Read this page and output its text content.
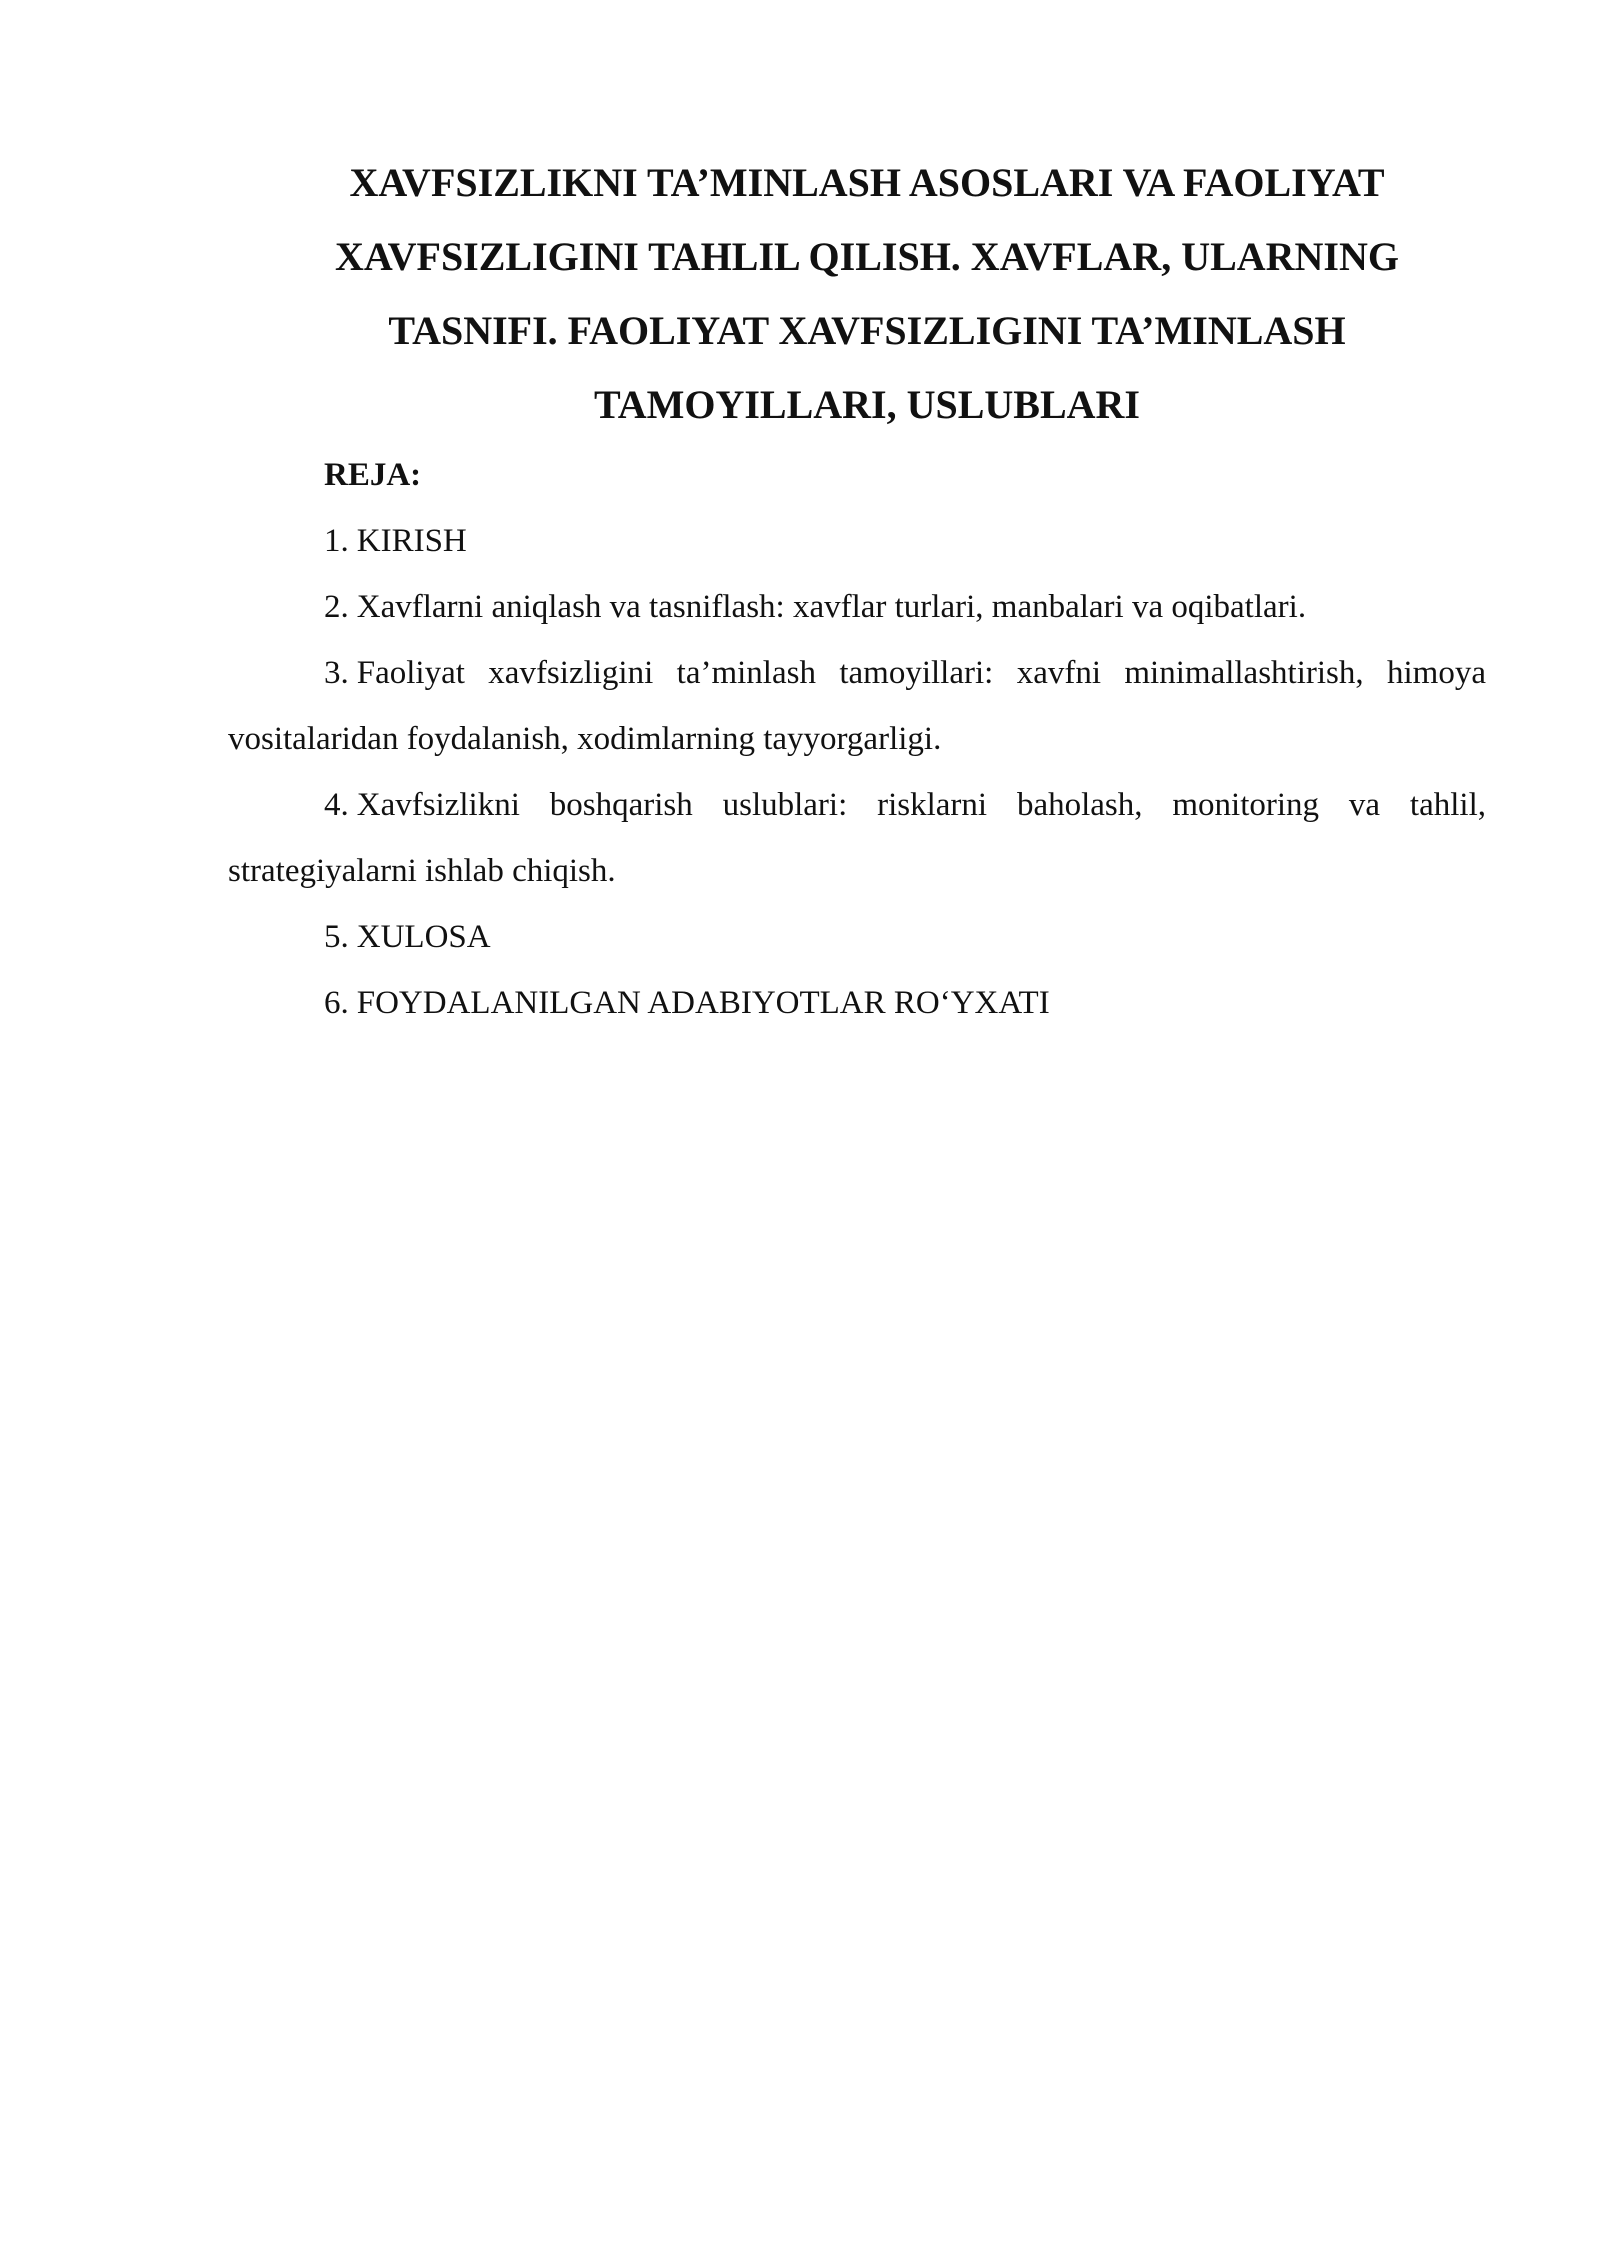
XAVFSIZLIKNI TA’MINLASH ASOSLARI VA FAOLIYAT
XAVFSIZLIGINI TAHLIL QILISH. XAVFLAR, ULARNING
TASNIFI. FAOLIYAT XAVFSIZLIGINI TA’MINLASH
TAMOYILLARI, USLUBLARI

REJA:

1. KIRISH
2. Xavflarni aniqlash va tasniflash: xavflar turlari, manbalari va oqibatlari.
3. Faoliyat xavfsizligini ta’minlash tamoyillari: xavfni minimallashtirish, himoya vositalaridan foydalanish, xodimlarning tayyorgarligi.
4. Xavfsizlikni boshqarish uslublari: risklarni baholash, monitoring va tahlil, strategiyalarni ishlab chiqish.
5. XULOSA
6. FOYDALANILGAN ADABIYOTLAR RO‘YXATI
